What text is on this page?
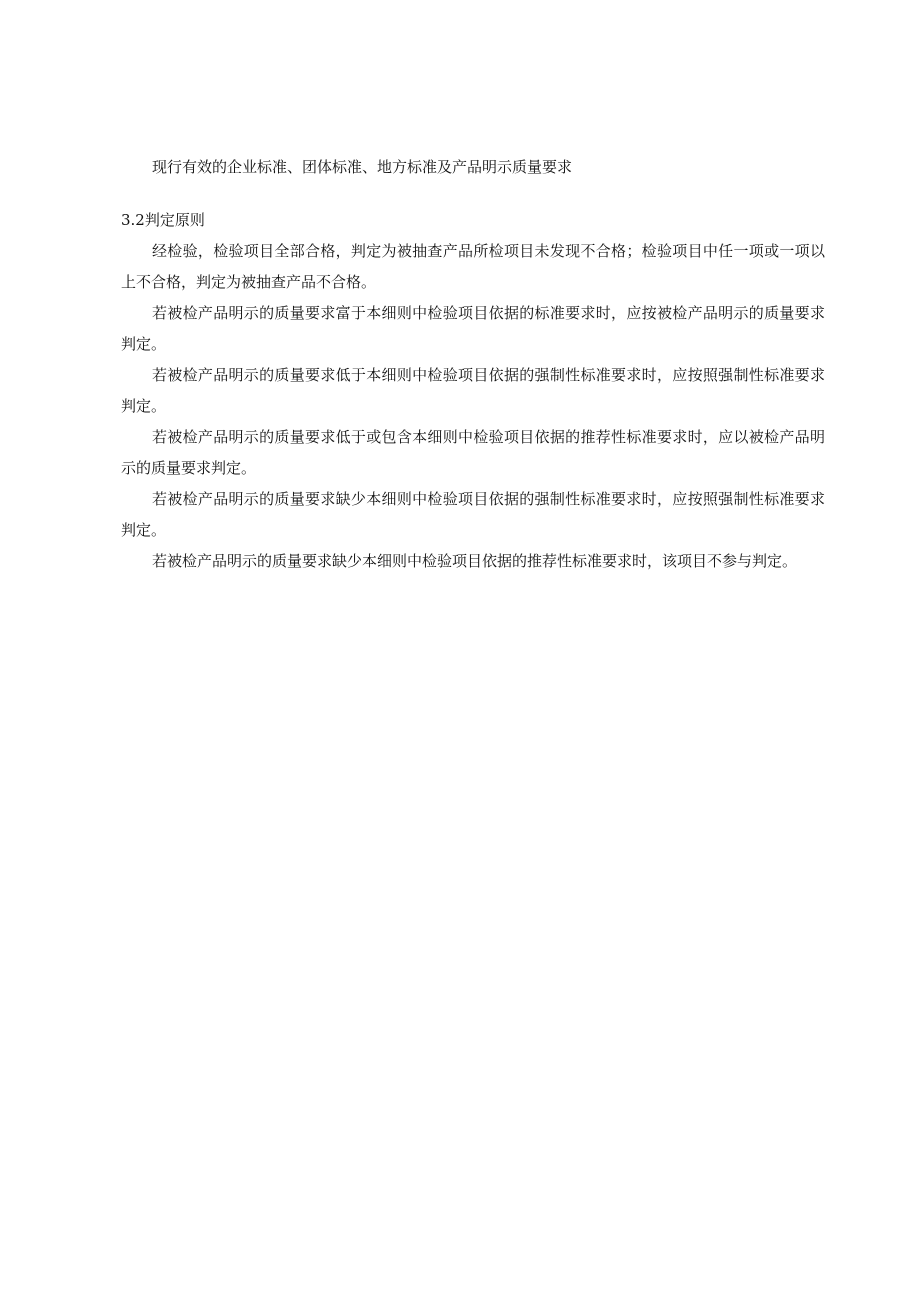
现行有效的企业标准、团体标准、地方标准及产品明示质量要求

3.2判定原则

经检验，检验项目全部合格，判定为被抽查产品所检项目未发现不合格；检验项目中任一项或一项以上不合格，判定为被抽查产品不合格。

若被检产品明示的质量要求富于本细则中检验项目依据的标准要求时，应按被检产品明示的质量要求判定。

若被检产品明示的质量要求低于本细则中检验项目依据的强制性标准要求时，应按照强制性标准要求判定。

若被检产品明示的质量要求低于或包含本细则中检验项目依据的推荐性标准要求时，应以被检产品明示的质量要求判定。

若被检产品明示的质量要求缺少本细则中检验项目依据的强制性标准要求时，应按照强制性标准要求判定。

若被检产品明示的质量要求缺少本细则中检验项目依据的推荐性标准要求时，该项目不参与判定。
